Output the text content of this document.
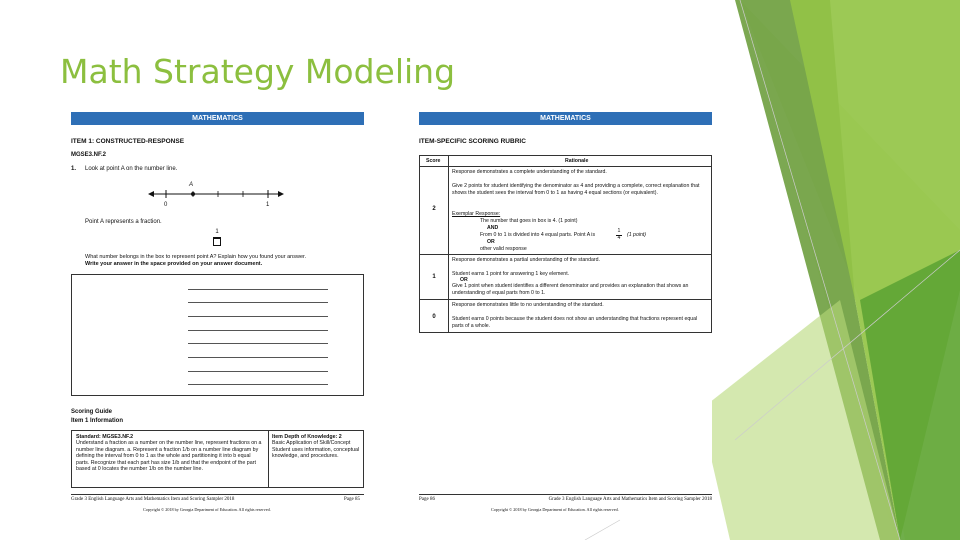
Math Strategy Modeling
MATHEMATICS
ITEM 1: CONSTRUCTED-RESPONSE
MGSE3.NF.2
1. Look at point A on the number line.
A
0	1
Point A represents a fraction.
1
What number belongs in the box to represent point A? Explain how you found your answer.
Write your answer in the space provided on your answer document.
Scoring Guide
Item 1 Information
Standard: MGSE3.NF.2
Understand a fraction as a number on the number line, represent fractions on a number line diagram. a. Represent a fraction 1/b on a number line diagram by defining the interval from 0 to 1 as the whole and partitioning it into b equal parts. Recognize that each part has size 1/b and that the endpoint of the part based at 0 locates the number 1/b on the number line.
Item Depth of Knowledge: 2
Basic Application of Skill/Concept Student uses information, conceptual knowledge, and procedures.
Grade 3 English Language Arts and Mathematics Item and Scoring Sampler 2018	Page 85
Copyright © 2018 by Georgia Department of Education. All rights reserved.
MATHEMATICS
ITEM-SPECIFIC SCORING RUBRIC
Score	Rationale
2
Response demonstrates a complete understanding of the standard.
Give 2 points for student identifying the denominator as 4 and providing a complete, correct explanation that shows the student sees the interval from 0 to 1 as having 4 equal sections (or equivalent).
Exemplar Response:
The number that goes in box is 4. (1 point)
AND
From 0 to 1 is divided into 4 equal parts. Point A is
1
4	(1 point)
OR
other valid response
1
Response demonstrates a partial understanding of the standard.
Student earns 1 point for answering 1 key element.
OR
Give 1 point when student identifies a different denominator and provides an explanation that shows an understanding of equal parts from 0 to 1.
0
Response demonstrates little to no understanding of the standard.
Student earns 0 points because the student does not show an understanding that fractions represent equal parts of a whole.
Page 86	Grade 3 English Language Arts and Mathematics Item and Scoring Sampler 2018
Copyright © 2018 by Georgia Department of Education. All rights reserved.
